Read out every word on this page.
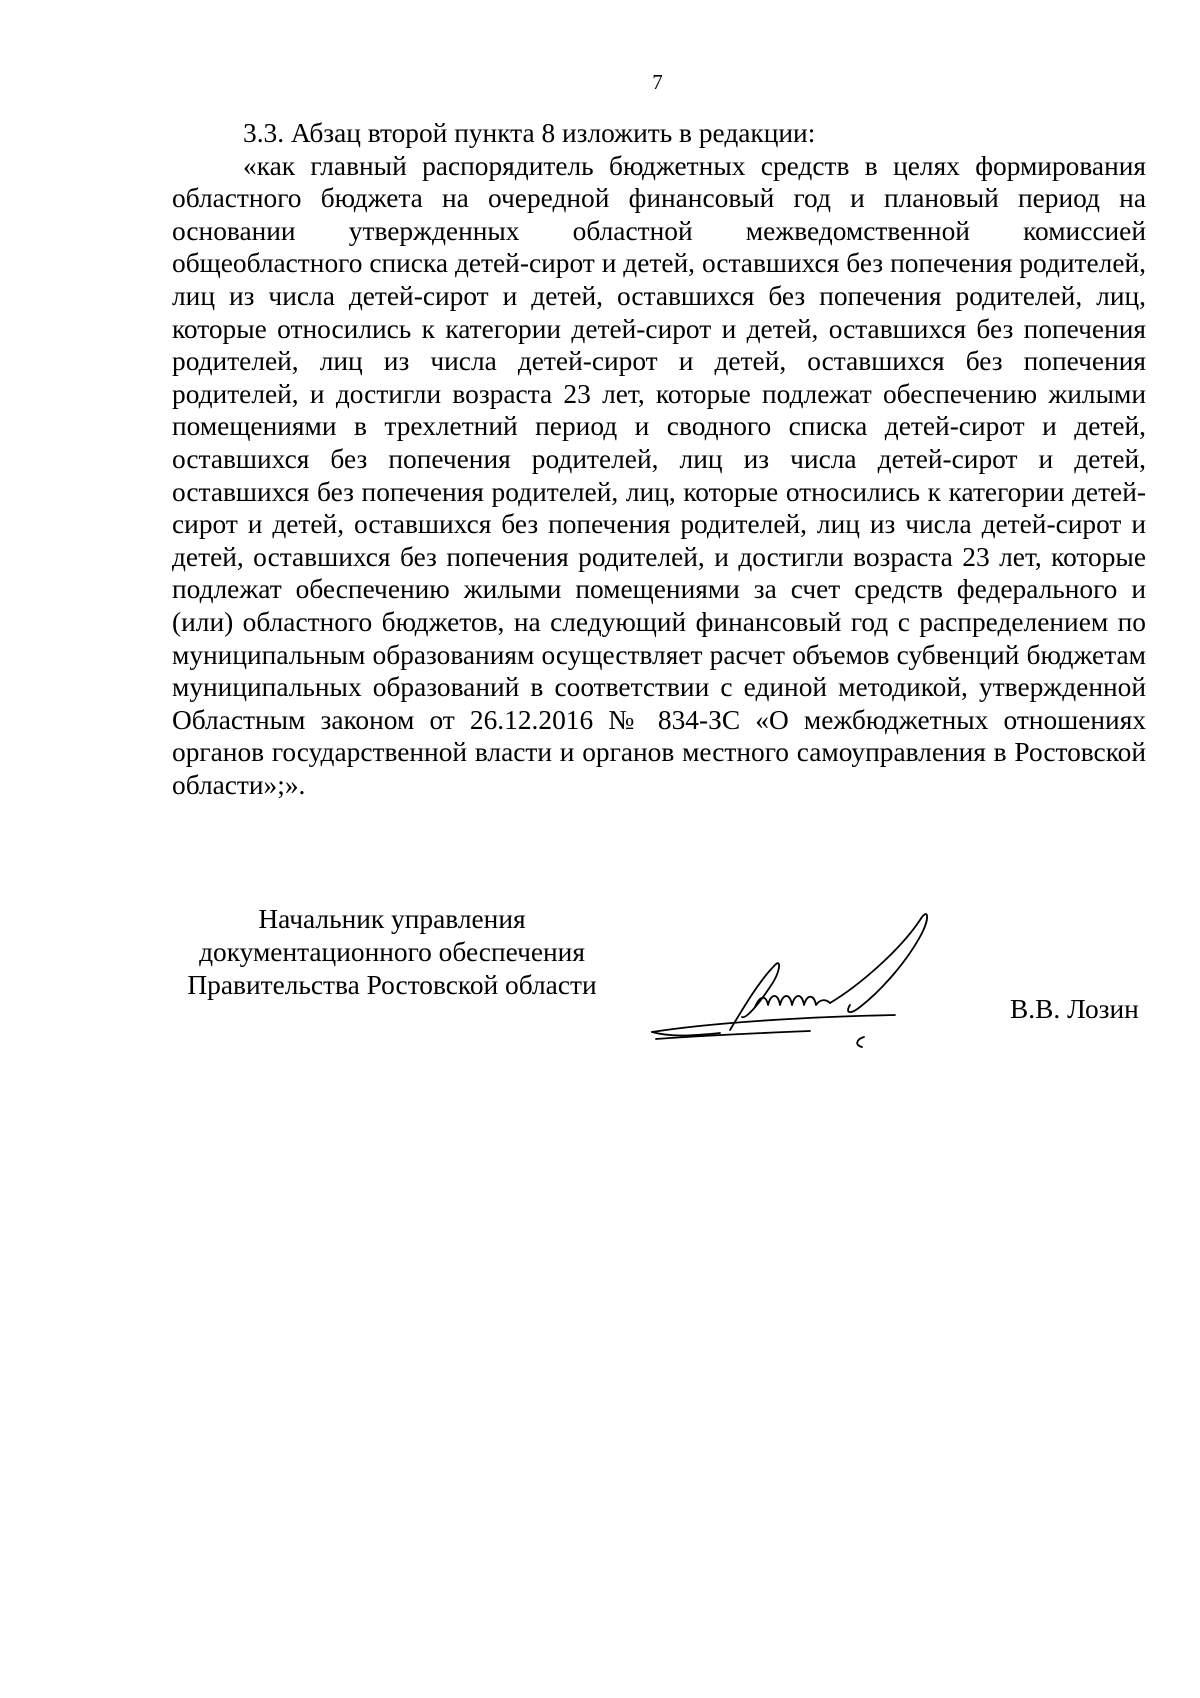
7

3.3. Абзац второй пункта 8 изложить в редакции:

«как главный распорядитель бюджетных средств в целях формирования областного бюджета на очередной финансовый год и плановый период на основании утвержденных областной межведомственной комиссией общеобластного списка детей-сирот и детей, оставшихся без попечения родителей, лиц из числа детей-сирот и детей, оставшихся без попечения родителей, лиц, которые относились к категории детей-сирот и детей, оставшихся без попечения родителей, лиц из числа детей-сирот и детей, оставшихся без попечения родителей, и достигли возраста 23 лет, которые подлежат обеспечению жилыми помещениями в трехлетний период и сводного списка детей-сирот и детей, оставшихся без попечения родителей, лиц из числа детей-сирот и детей, оставшихся без попечения родителей, лиц, которые относились к категории детей-сирот и детей, оставшихся без попечения родителей, лиц из числа детей-сирот и детей, оставшихся без попечения родителей, и достигли возраста 23 лет, которые подлежат обеспечению жилыми помещениями за счет средств федерального и (или) областного бюджетов, на следующий финансовый год с распределением по муниципальным образованиям осуществляет расчет объемов субвенций бюджетам муниципальных образований в соответствии с единой методикой, утвержденной Областным законом от 26.12.2016 № 834-ЗС «О межбюджетных отношениях органов государственной власти и органов местного самоуправления в Ростовской области»;».

Начальник управления
документационного обеспечения
Правительства Ростовской области
В.В. Лозин
